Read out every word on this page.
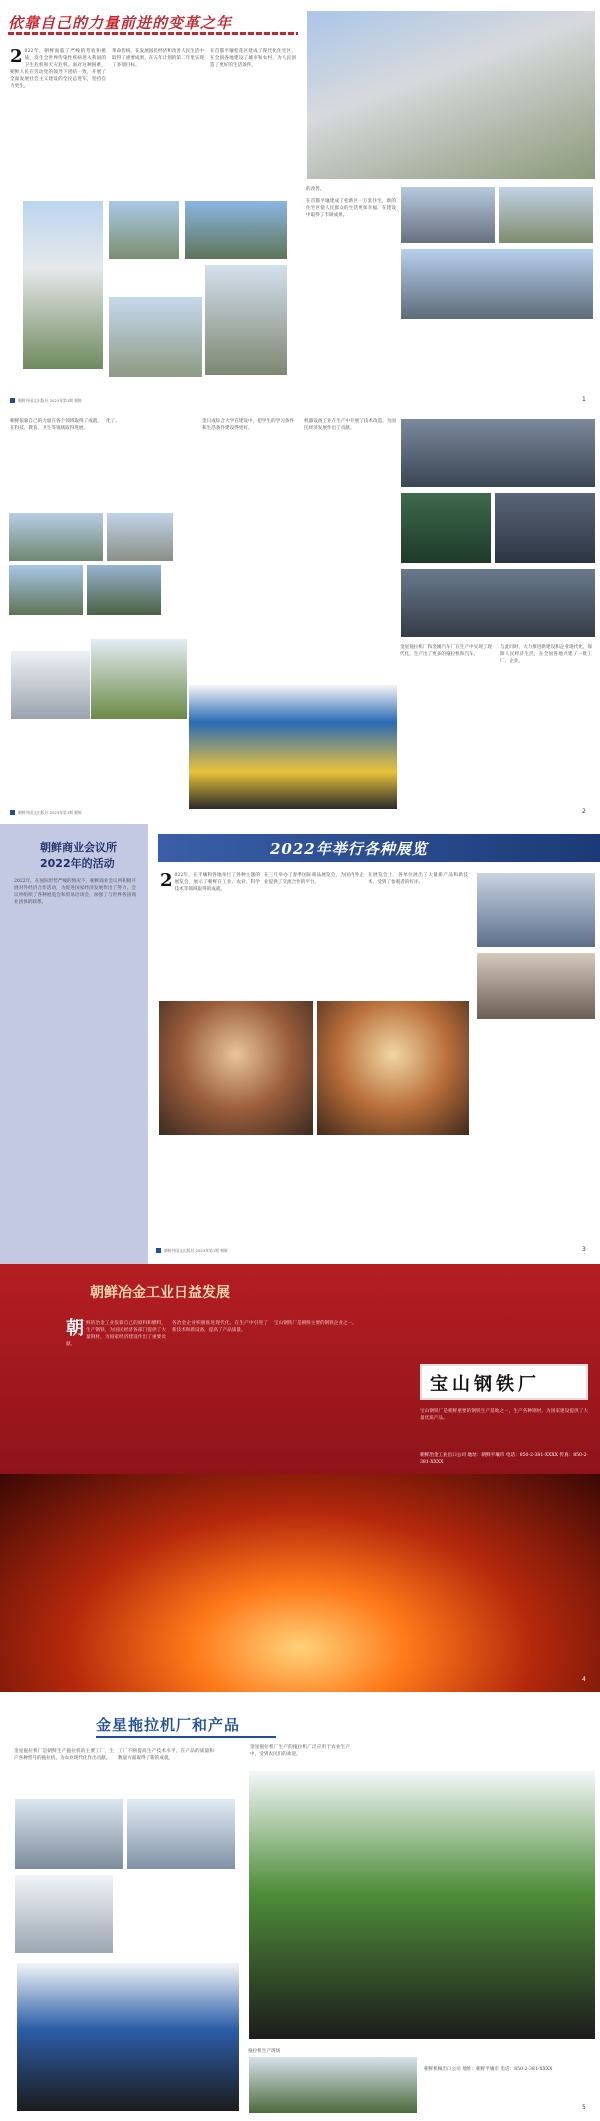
依靠自己的力量前进的变革之年
2 022年，朝鲜面临了严峻的考验和挑战，发生全世界传染性疾病进入我国的卫生危机和天灾危机。面对这种困难，朝鲜人民在劳动党的领导下团结一致，开展了全面发展社会主义建设的全民总进军，坚持自力更生。
革命传统，在发展国民经济和改善人民生活中取得了重要成果。在五年计划的第二年里实现了多项目标。
在首都平壤松花区建成了现代化住宅区，在全国各地建设了城市和农村，为人民创造了更好的生活条件。
的改善。
在首都平壤建成了松新区一万套住宅，新的住宅区使人民群众的生活更加幸福，在建设中取得了丰硕成果。
朝鲜外国文出版社 2023年第1期 朝鲜	1
朝鲜依靠自己的力量在各个领域取得了成就，在科技、教育、卫生等领域取得进展。
化了。	金日成综合大学在建设中，把学生的学习条件和生活条件建设得更好。
机器设备工业在生产中开展了技术改造，为国民经济发展作出了贡献。
金星拖拉机厂和金刚汽车厂在生产中实现了现代化，生产出了更多的拖拉机和汽车。
与此同时，大力推进新建设和企业现代化，保障人民经济生活，在全国各地兴建了一批工厂、企业。
朝鲜外国文出版社 2023年第1期 朝鲜	2
朝鲜商业会议所
2022年的活动
2022年，在国际形势严峻的情况下，朝鲜商业会议所积极开展对外经济合作活动，为促进国家经济发展作出了努力。会议所组织了各种展览会和贸易洽谈会，加强了与世界各国商业团体的联系。
2022年举行各种展览
2 022年，在平壤和各地举行了各种主题的展览会，展示了朝鲜在工业、农业、科学技术等领域取得的成就。
在三月举办了春季国际商品展览会，为国内外企业提供了交流合作的平台。
在展览会上，各单位展出了大量新产品和新技术，受到了参观者的好评。
朝鲜外国文出版社 2023年第1期 朝鲜	3
朝鲜冶金工业日益发展
朝 鲜的冶金工业依靠自己的原料和燃料，生产钢铁，为国民经济各部门提供了大量钢材，为国家经济建设作出了重要贡献。
各冶金企业积极推进现代化，在生产中引进了新技术和新设备，提高了产品质量。
宝山钢铁厂是朝鲜主要的钢铁企业之一。
宝山钢铁厂
宝山钢铁厂是朝鲜重要的钢铁生产基地之一，生产各种钢材，为国家建设提供了大量优质产品。
朝鲜冶金工业出口公司 地址：朝鲜平壤市 电话：850-2-381-XXXX 传真：850-2-381-XXXX
4
金星拖拉机厂和产品
金星拖拉机厂是朝鲜生产拖拉机的主要工厂，生产各种型号的拖拉机，为农业现代化作出贡献。
工厂不断提高生产技术水平，在产品的质量和数量方面取得了新的成就。
金星拖拉机厂生产的拖拉机广泛应用于农业生产中，受到农民们的欢迎。
拖拉机生产现场
朝鲜机械出口公司 地址：朝鲜平壤市 电话：850-2-381-XXXX
5
